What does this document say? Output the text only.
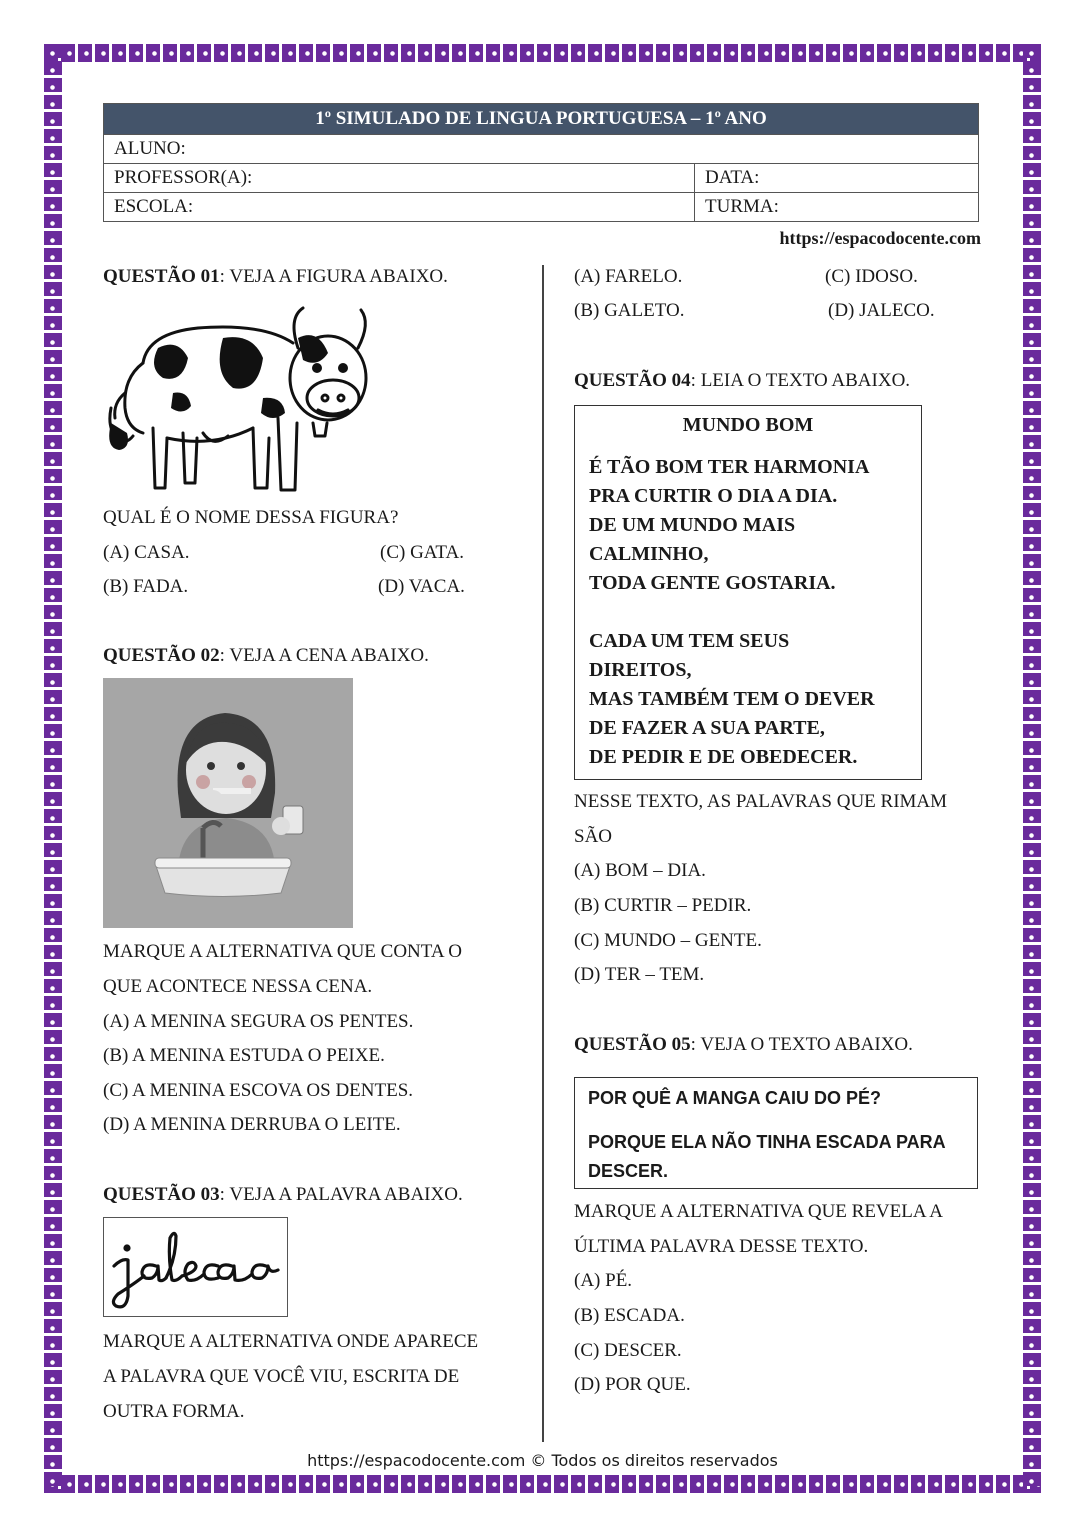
1º SIMULADO DE LINGUA PORTUGUESA – 1º ANO	
ALUNO:	
PROFESSOR(A):	DATA:
ESCOLA:	TURMA:
https://espacodocente.com
QUESTÃO 01: VEJA A FIGURA ABAIXO.
QUAL É O NOME DESSA FIGURA?
(A) CASA.	(C) GATA.
(B) FADA.	(D) VACA.
QUESTÃO 02: VEJA A CENA ABAIXO.
MARQUE A ALTERNATIVA QUE CONTA O
QUE ACONTECE NESSA CENA.
(A) A MENINA SEGURA OS PENTES.
(B) A MENINA ESTUDA O PEIXE.
(C) A MENINA ESCOVA OS DENTES.
(D) A MENINA DERRUBA O LEITE.
QUESTÃO 03: VEJA A PALAVRA ABAIXO.
MARQUE A ALTERNATIVA ONDE APARECE
A PALAVRA QUE VOCÊ VIU, ESCRITA DE
OUTRA FORMA.
(A) FARELO.	(C) IDOSO.
(B) GALETO.	(D) JALECO.
QUESTÃO 04: LEIA O TEXTO ABAIXO.
MUNDO BOM
É TÃO BOM TER HARMONIA
PRA CURTIR O DIA A DIA.
DE UM MUNDO MAIS
CALMINHO,
TODA GENTE GOSTARIA.
CADA UM TEM SEUS
DIREITOS,
MAS TAMBÉM TEM O DEVER
DE FAZER A SUA PARTE,
DE PEDIR E DE OBEDECER.
NESSE TEXTO, AS PALAVRAS QUE RIMAM
SÃO
(A) BOM – DIA.
(B) CURTIR – PEDIR.
(C) MUNDO – GENTE.
(D) TER – TEM.
QUESTÃO 05: VEJA O TEXTO ABAIXO.
POR QUÊ A MANGA CAIU DO PÉ?
PORQUE ELA NÃO TINHA ESCADA PARA
DESCER.
MARQUE A ALTERNATIVA QUE REVELA A
ÚLTIMA PALAVRA DESSE TEXTO.
(A) PÉ.
(B) ESCADA.
(C) DESCER.
(D) POR QUE.
https://espacodocente.com © Todos os direitos reservados
